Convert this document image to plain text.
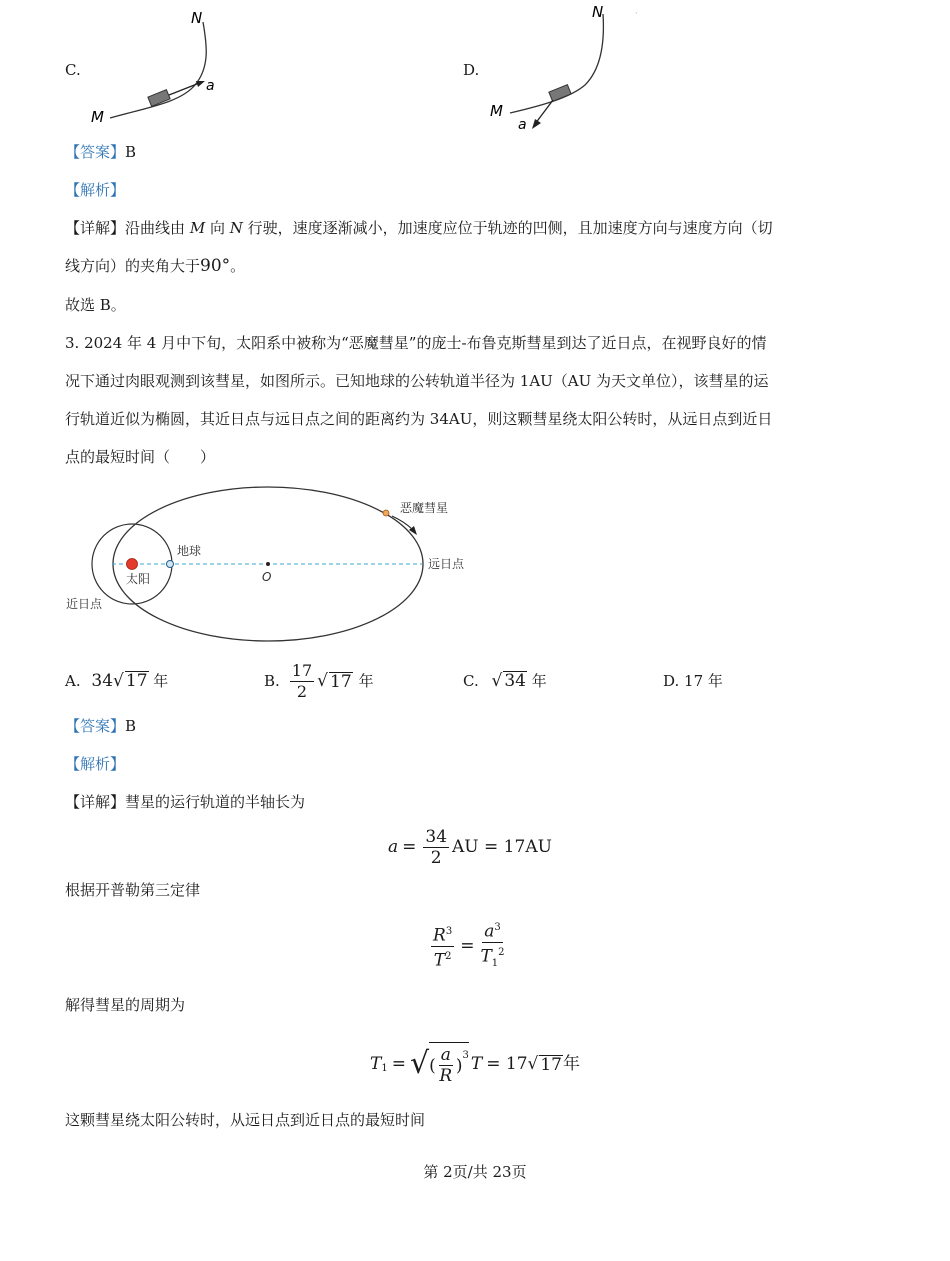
C.
N
M
a
D.
N
M
a
·
【答案】B
【解析】
【详解】沿曲线由 M 向 N 行驶，速度逐渐减小，加速度应位于轨迹的凹侧，且加速度方向与速度方向（切
线方向）的夹角大于90°。
故选 B。
3. 2024 年 4 月中下旬，太阳系中被称为“恶魔彗星”的庞士-布鲁克斯彗星到达了近日点，在视野良好的情
况下通过肉眼观测到该彗星，如图所示。已知地球的公转轨道半径为 1AU（AU 为天文单位），该彗星的运
行轨道近似为椭圆，其近日点与远日点之间的距离约为 34AU，则这颗彗星绕太阳公转时，从远日点到近日
点的最短时间（　　）
恶魔彗星
地球
太阳	O
远日点
近日点
A. 34√ 17 年	B. $\frac{17}{2}$ √ 17 年	C. √ 34 年	D. 17 年
【答案】B
【解析】
【详解】彗星的运行轨道的半轴长为
$a = \frac{34}{2}$ AU = 17AU
根据开普勒第三定律
$\frac{R^3}{T^2} = \frac{a^3}{T_1^2}$
解得彗星的周期为
$T_1$ = √ ( $\frac{a}{R} )^3$ T = 17 √ 17 年
这颗彗星绕太阳公转时，从远日点到近日点的最短时间
第 2页/共 23页
